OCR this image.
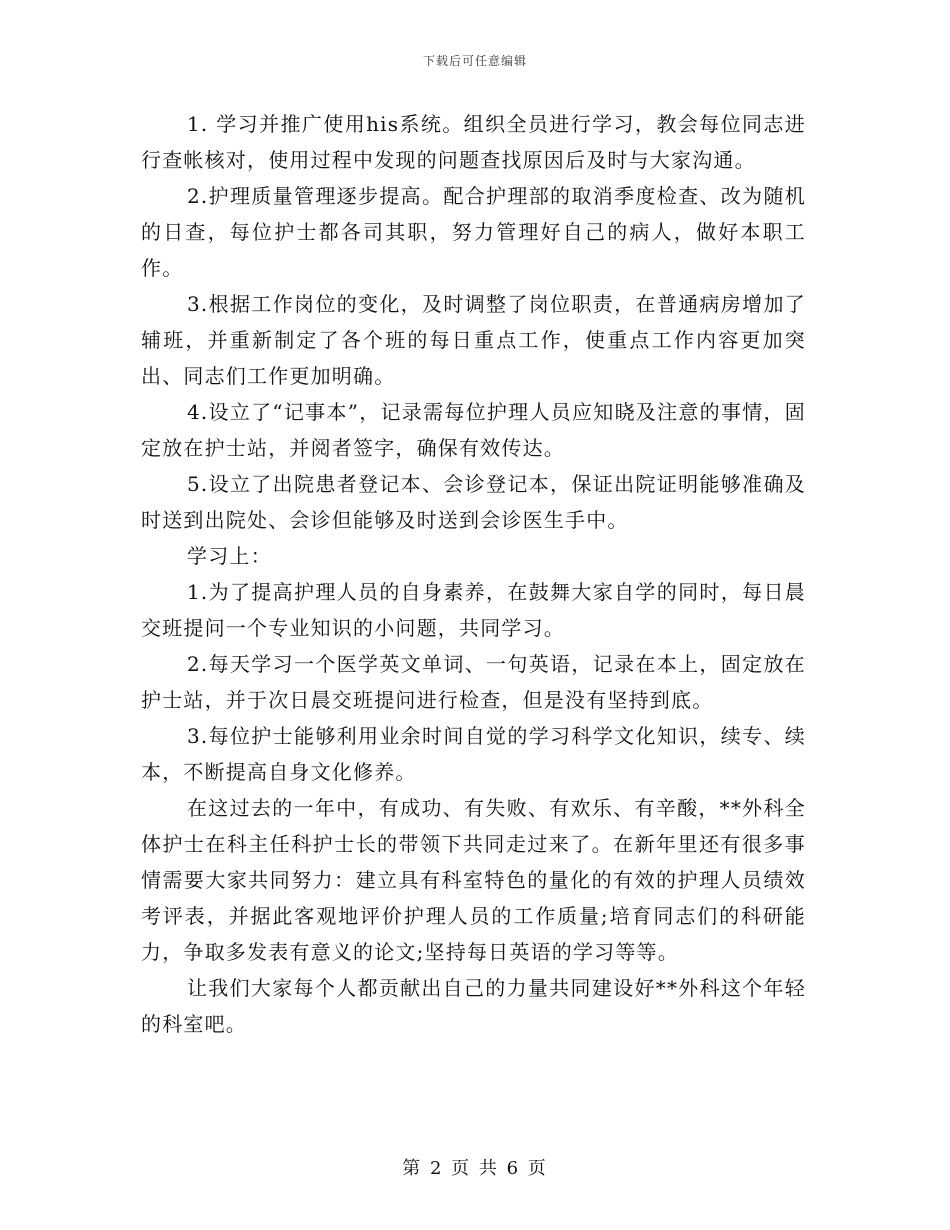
下载后可任意编辑

1. 学习并推广使用his系统。组织全员进行学习，教会每位同志进行查帐核对，使用过程中发现的问题查找原因后及时与大家沟通。

2.护理质量管理逐步提高。配合护理部的取消季度检查、改为随机的日查，每位护士都各司其职，努力管理好自己的病人，做好本职工作。

3.根据工作岗位的变化，及时调整了岗位职责，在普通病房增加了辅班，并重新制定了各个班的每日重点工作，使重点工作内容更加突出、同志们工作更加明确。

4.设立了“记事本”，记录需每位护理人员应知晓及注意的事情，固定放在护士站，并阅者签字，确保有效传达。

5.设立了出院患者登记本、会诊登记本，保证出院证明能够准确及时送到出院处、会诊但能够及时送到会诊医生手中。

学习上：

1.为了提高护理人员的自身素养，在鼓舞大家自学的同时，每日晨交班提问一个专业知识的小问题，共同学习。

2.每天学习一个医学英文单词、一句英语，记录在本上，固定放在护士站，并于次日晨交班提问进行检查，但是没有坚持到底。

3.每位护士能够利用业余时间自觉的学习科学文化知识，续专、续本，不断提高自身文化修养。

在这过去的一年中，有成功、有失败、有欢乐、有辛酸，**外科全体护士在科主任科护士长的带领下共同走过来了。在新年里还有很多事情需要大家共同努力：建立具有科室特色的量化的有效的护理人员绩效考评表，并据此客观地评价护理人员的工作质量;培育同志们的科研能力，争取多发表有意义的论文;坚持每日英语的学习等等。

让我们大家每个人都贡献出自己的力量共同建设好**外科这个年轻的科室吧。

第 2 页 共 6 页
